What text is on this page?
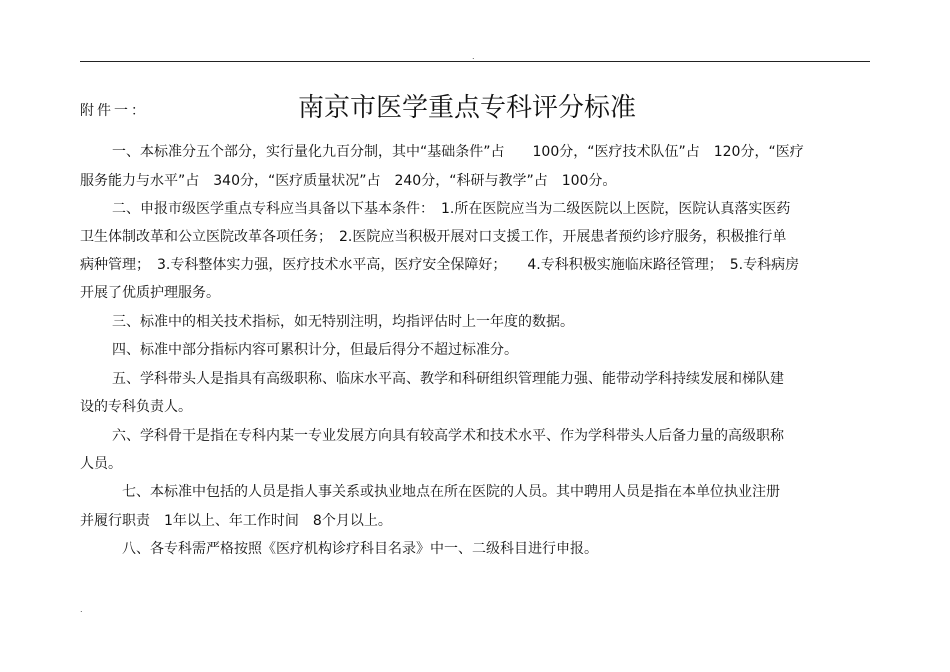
.
附件一：	南京市医学重点专科评分标准
一、本标准分五个部分，实行量化九百分制，其中“基础条件”占　　100分，“医疗技术队伍”占　120分，“医疗
服务能力与水平”占　340分，“医疗质量状况”占　240分，“科研与教学”占　100分。
二、申报市级医学重点专科应当具备以下基本条件：　1.所在医院应当为二级医院以上医院，医院认真落实医药
卫生体制改革和公立医院改革各项任务；　2.医院应当积极开展对口支援工作，开展患者预约诊疗服务，积极推行单
病种管理；　3.专科整体实力强，医疗技术水平高，医疗安全保障好；　　4.专科积极实施临床路径管理；　5.专科病房
开展了优质护理服务。
三、标准中的相关技术指标，如无特别注明，均指评估时上一年度的数据。
四、标准中部分指标内容可累积计分，但最后得分不超过标准分。
五、学科带头人是指具有高级职称、临床水平高、教学和科研组织管理能力强、能带动学科持续发展和梯队建
设的专科负责人。
六、学科骨干是指在专科内某一专业发展方向具有较高学术和技术水平、作为学科带头人后备力量的高级职称
人员。
七、本标准中包括的人员是指人事关系或执业地点在所在医院的人员。其中聘用人员是指在本单位执业注册
并履行职责　1年以上、年工作时间　8个月以上。
八、各专科需严格按照《医疗机构诊疗科目名录》中一、二级科目进行申报。
.
